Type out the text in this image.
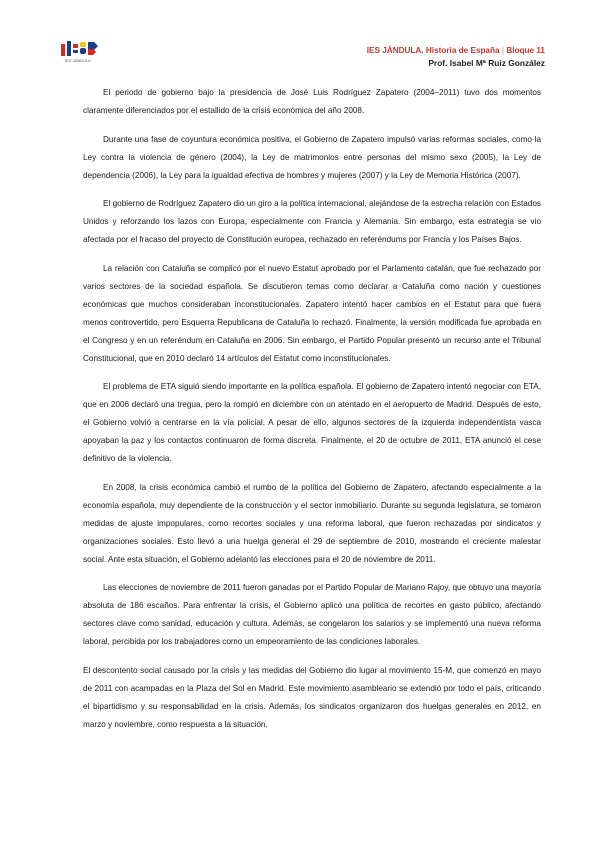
IES JÁNDULA
IES JÁNDULA. Historia de España | Bloque 11
Prof. Isabel Mª Ruiz González

El periodo de gobierno bajo la presidencia de José Luis Rodríguez Zapatero (2004–2011) tuvo dos momentos claramente diferenciados por el estallido de la crisis económica del año 2008.

Durante una fase de coyuntura económica positiva, el Gobierno de Zapatero impulsó varias reformas sociales, como la Ley contra la violencia de género (2004), la Ley de matrimonios entre personas del mismo sexo (2005), la Ley de dependencia (2006), la Ley para la igualdad efectiva de hombres y mujeres (2007) y la Ley de Memoria Histórica (2007).

El gobierno de Rodríguez Zapatero dio un giro a la política internacional, alejándose de la estrecha relación con Estados Unidos y reforzando los lazos con Europa, especialmente con Francia y Alemania. Sin embargo, esta estrategia se vio afectada por el fracaso del proyecto de Constitución europea, rechazado en referéndums por Francia y los Países Bajos.

La relación con Cataluña se complicó por el nuevo Estatut aprobado por el Parlamento catalán, que fue rechazado por varios sectores de la sociedad española. Se discutieron temas como declarar a Cataluña como nación y cuestiones económicas que muchos consideraban inconstitucionales. Zapatero intentó hacer cambios en el Estatut para que fuera menos controvertido, pero Esquerra Republicana de Cataluña lo rechazó. Finalmente, la versión modificada fue aprobada en el Congreso y en un referéndum en Cataluña en 2006. Sin embargo, el Partido Popular presentó un recurso ante el Tribunal Constitucional, que en 2010 declaró 14 artículos del Estatut como inconstitucionales.

El problema de ETA siguió siendo importante en la política española. El gobierno de Zapatero intentó negociar con ETA, que en 2006 declaró una tregua, pero la rompió en diciembre con un atentado en el aeropuerto de Madrid. Después de esto, el Gobierno volvió a centrarse en la vía policial. A pesar de ello, algunos sectores de la izquierda independentista vasca apoyaban la paz y los contactos continuaron de forma discreta. Finalmente, el 20 de octubre de 2011, ETA anunció el cese definitivo de la violencia.

En 2008, la crisis económica cambió el rumbo de la política del Gobierno de Zapatero, afectando especialmente a la economía española, muy dependiente de la construcción y el sector inmobiliario. Durante su segunda legislatura, se tomaron medidas de ajuste impopulares, como recortes sociales y una reforma laboral, que fueron rechazadas por sindicatos y organizaciones sociales. Esto llevó a una huelga general el 29 de septiembre de 2010, mostrando el creciente malestar social. Ante esta situación, el Gobierno adelantó las elecciones para el 20 de noviembre de 2011.

Las elecciones de noviembre de 2011 fueron ganadas por el Partido Popular de Mariano Rajoy, que obtuvo una mayoría absoluta de 186 escaños. Para enfrentar la crisis, el Gobierno aplicó una política de recortes en gasto público, afectando sectores clave como sanidad, educación y cultura. Además, se congelaron los salarios y se implementó una nueva reforma laboral, percibida por los trabajadores como un empeoramiento de las condiciones laborales.

El descontento social causado por la crisis y las medidas del Gobierno dio lugar al movimiento 15-M, que comenzó en mayo de 2011 con acampadas en la Plaza del Sol en Madrid. Este movimiento asambleario se extendió por todo el país, criticando el bipartidismo y su responsabilidad en la crisis. Además, los sindicatos organizaron dos huelgas generales en 2012, en marzo y noviembre, como respuesta a la situación.
